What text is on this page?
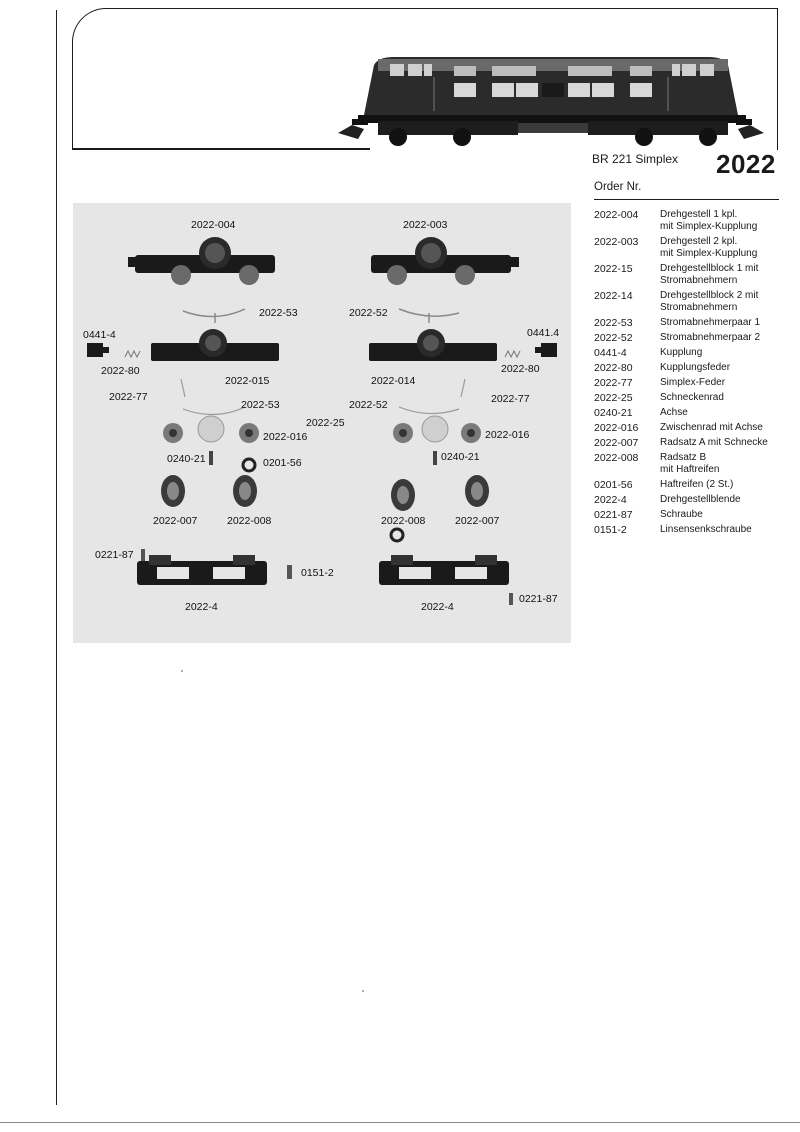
BR 221 Simplex 2022
Order Nr.
2022-004	Drehgestell 1 kpl.
mit Simplex-Kupplung
2022-003	Drehgestell 2 kpl.
mit Simplex-Kupplung
2022-15	Drehgestellblock 1 mit
Stromabnehmern
2022-14	Drehgestellblock 2 mit
Stromabnehmern
2022-53	Stromabnehmerpaar 1
2022-52	Stromabnehmerpaar 2
0441-4	Kupplung
2022-80	Kupplungsfeder
2022-77	Simplex-Feder
2022-25	Schneckenrad
0240-21	Achse
2022-016	Zwischenrad mit Achse
2022-007	Radsatz A mit Schnecke
2022-008	Radsatz B
mit Haftreifen
0201-56	Haftreifen (2 St.)
2022-4	Drehgestellblende
0221-87	Schraube
0151-2	Linsensenkschraube
2022-004	2022-003
2022-53	2022-52
0441-4	0441.4
2022-80	2022-80
2022-015	2022-014
2022-77	2022-77
2022-53	2022-52
2022-25
2022-016	2022-016
0240-21	0240-21
0201-56
2022-007	2022-008	2022-008	2022-007
0221-87
0151-2
0221-87
2022-4	2022-4
